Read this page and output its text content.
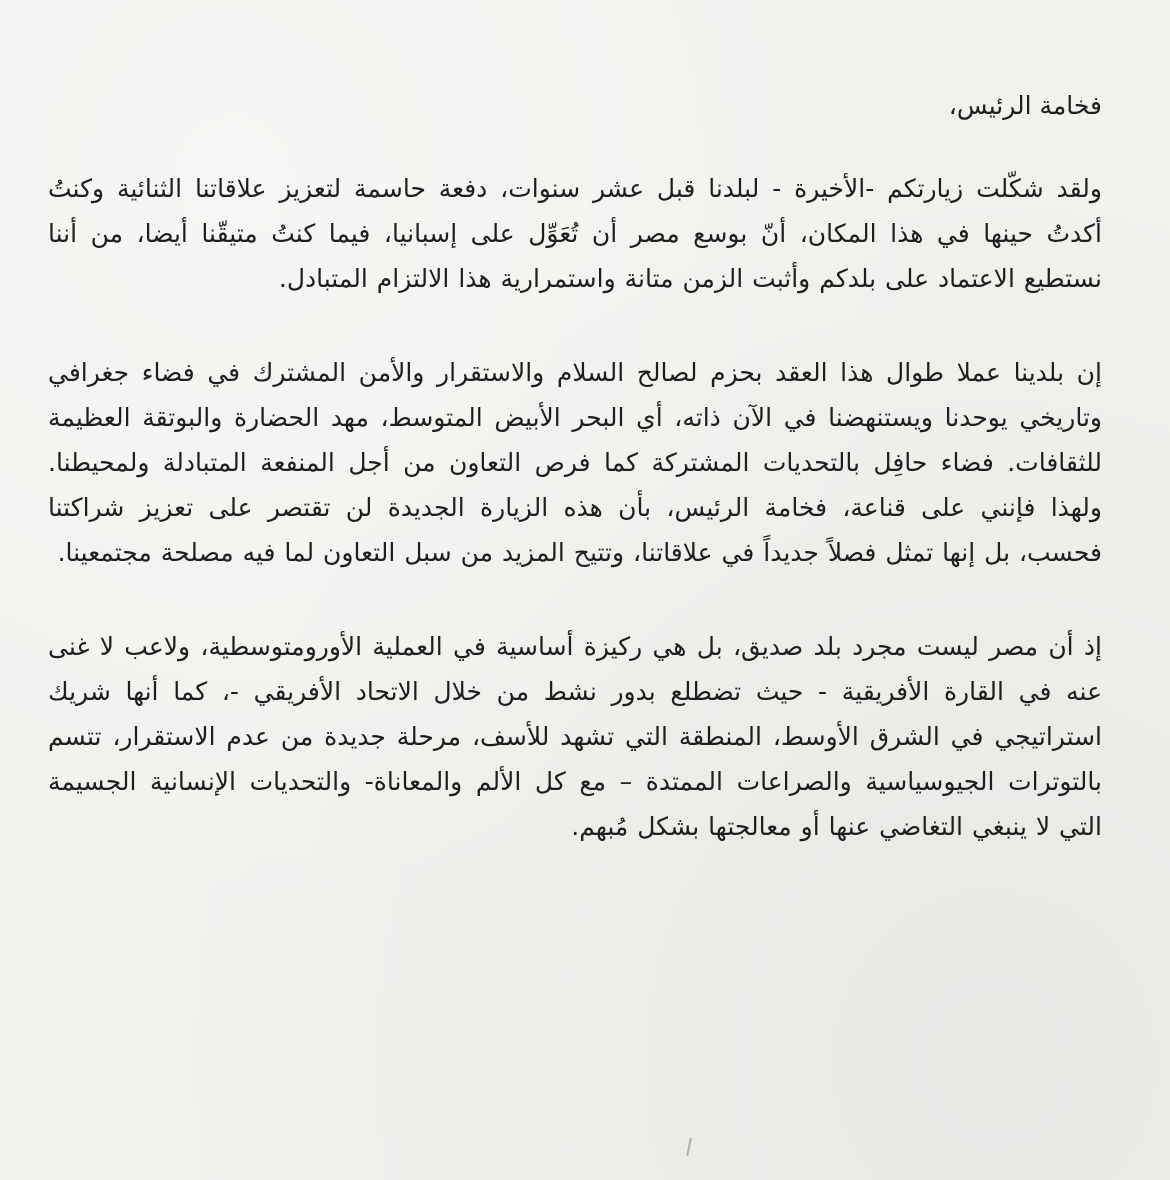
فخامة الرئيس،

ولقد شكّلت زيارتكم -الأخيرة - لبلدنا قبل عشر سنوات، دفعة حاسمة لتعزيز علاقاتنا الثنائية وكنتُ أكدتُ حينها في هذا المكان، أنّ بوسع مصر أن تُعَوِّل على إسبانيا، فيما كنتُ متيقّنا أيضا، من أننا نستطيع الاعتماد على بلدكم وأثبت الزمن متانة واستمرارية هذا الالتزام المتبادل.

إن بلدينا عملا طوال هذا العقد بحزم لصالح السلام والاستقرار والأمن المشترك في فضاء جغرافي وتاريخي يوحدنا ويستنهضنا في الآن ذاته، أي البحر الأبيض المتوسط، مهد الحضارة والبوتقة العظيمة للثقافات. فضاء حافِل بالتحديات المشتركة كما فرص التعاون من أجل المنفعة المتبادلة ولمحيطنا. ولهذا فإنني على قناعة، فخامة الرئيس، بأن هذه الزيارة الجديدة لن تقتصر على تعزيز شراكتنا فحسب، بل إنها تمثل فصلاً جديداً في علاقاتنا، وتتيح المزيد من سبل التعاون لما فيه مصلحة مجتمعينا.

إذ أن مصر ليست مجرد بلد صديق، بل هي ركيزة أساسية في العملية الأورومتوسطية، ولاعب لا غنى عنه في القارة الأفريقية - حيث تضطلع بدور نشط من خلال الاتحاد الأفريقي -، كما أنها شريك استراتيجي في الشرق الأوسط، المنطقة التي تشهد للأسف، مرحلة جديدة من عدم الاستقرار، تتسم بالتوترات الجيوسياسية والصراعات الممتدة – مع كل الألم والمعاناة- والتحديات الإنسانية الجسيمة التي لا ينبغي التغاضي عنها أو معالجتها بشكل مُبهم.
